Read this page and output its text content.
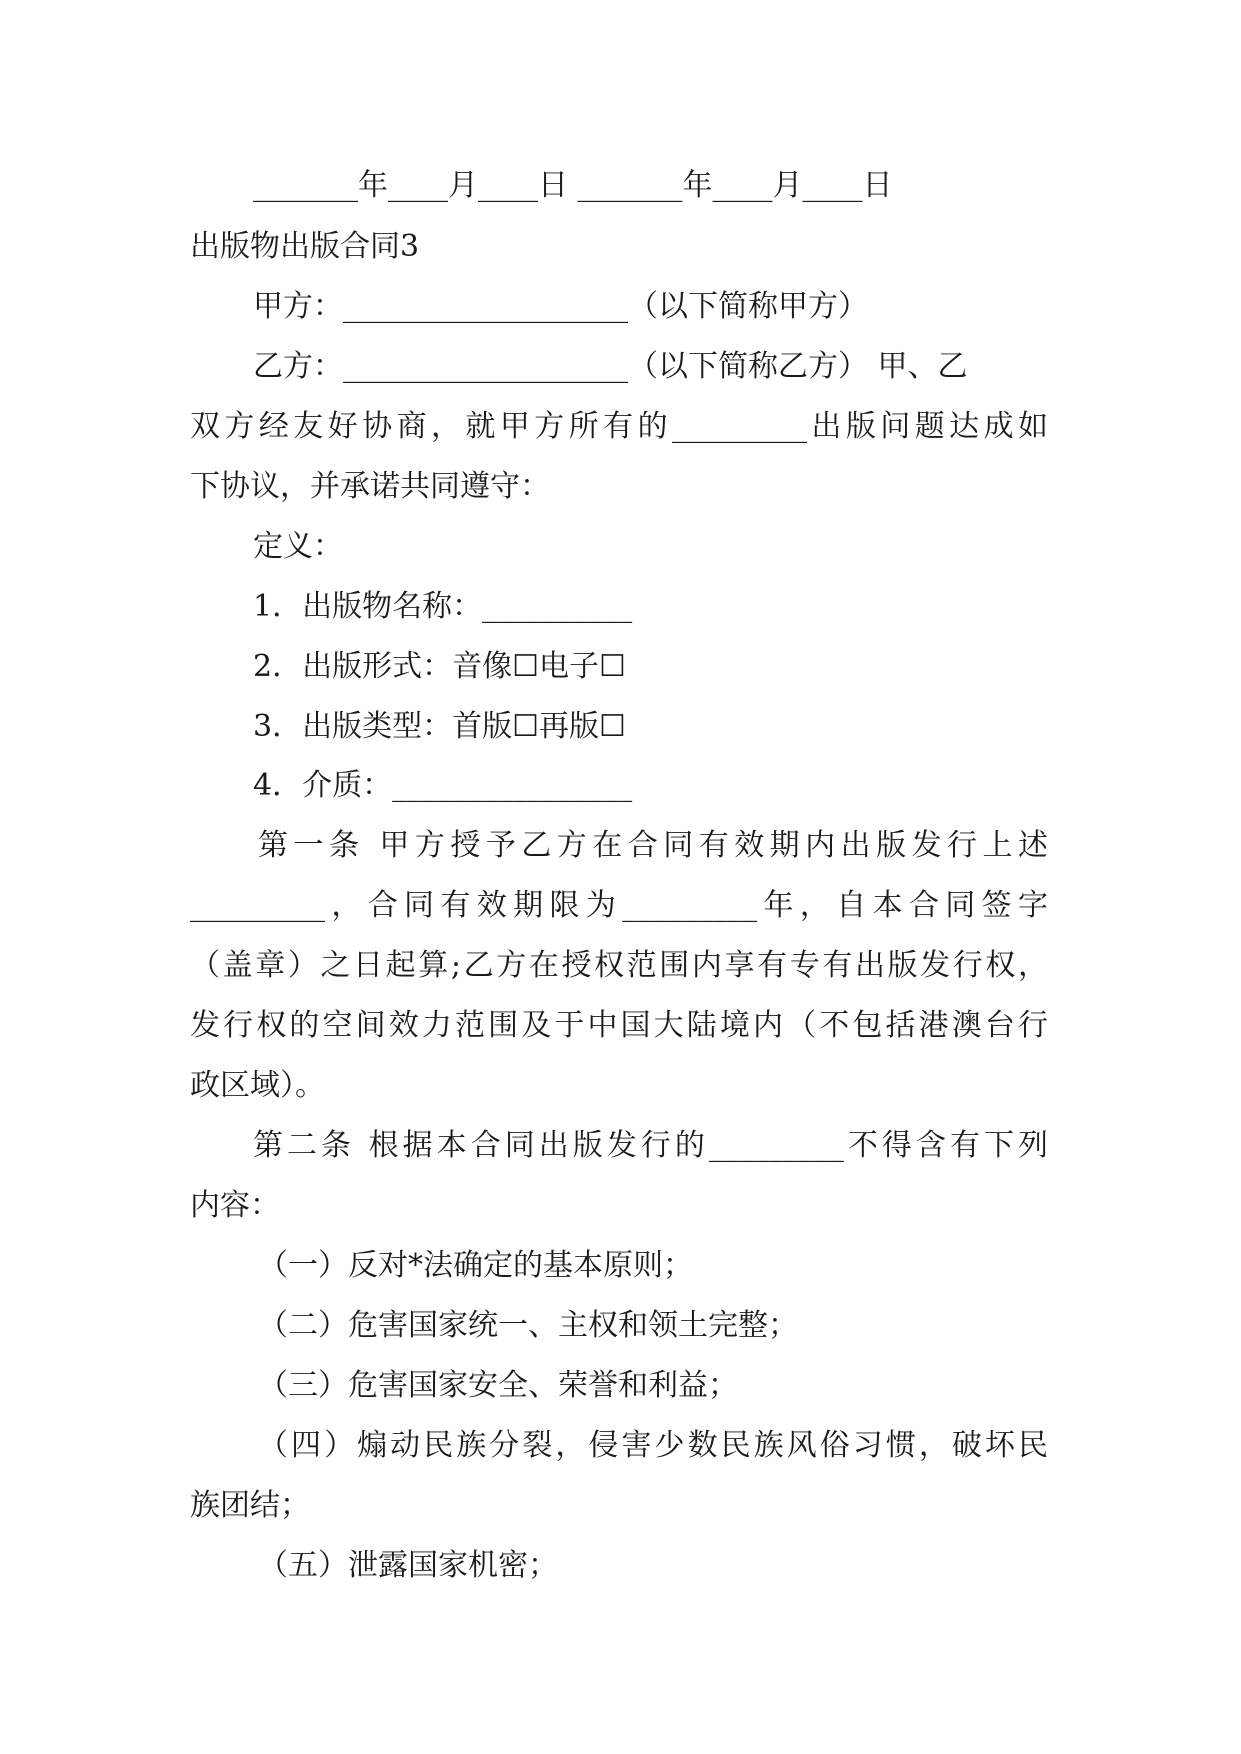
_______年____月____日 _______年____月____日
出版物出版合同3
甲方：___________________（以下简称甲方）
乙方：___________________（以下简称乙方） 甲、乙
双方经友好协商，就甲方所有的_________出版问题达成如
下协议，并承诺共同遵守：
定义：
1．出版物名称：__________
2．出版形式：音像☐电子☐
3．出版类型：首版☐再版☐
4．介质：________________
第一条 甲方授予乙方在合同有效期内出版发行上述
_________，合同有效期限为_________年，自本合同签字
（盖章）之日起算;乙方在授权范围内享有专有出版发行权，
发行权的空间效力范围及于中国大陆境内（不包括港澳台行
政区域）。
第二条 根据本合同出版发行的_________不得含有下列
内容：
（一）反对*法确定的基本原则；
（二）危害国家统一、主权和领土完整；
（三）危害国家安全、荣誉和利益；
（四）煽动民族分裂，侵害少数民族风俗习惯，破坏民
族团结；
（五）泄露国家机密；
